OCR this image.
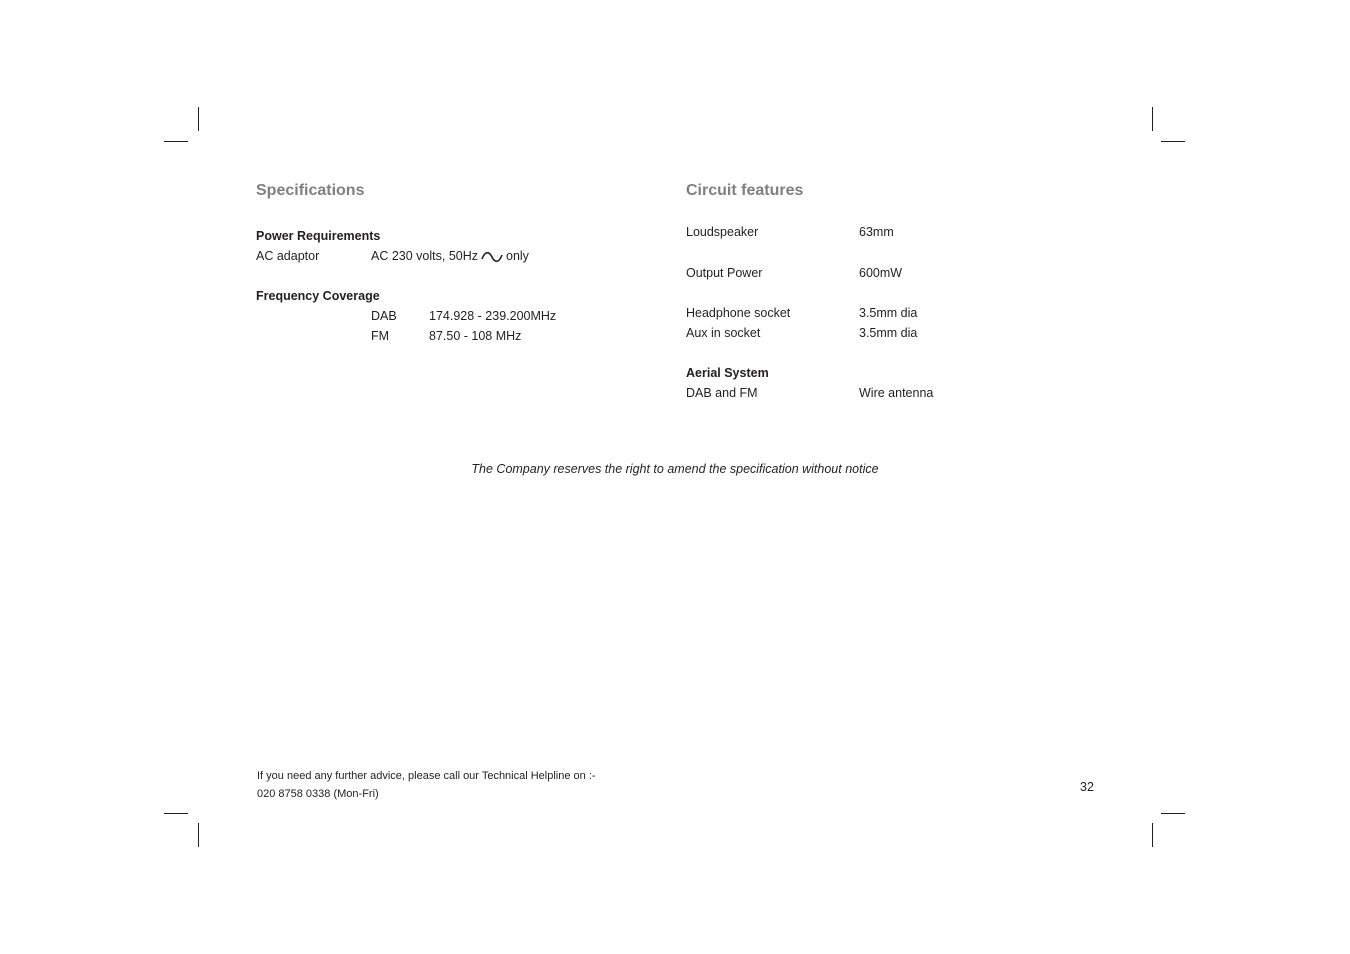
Specifications
Power Requirements
AC adaptor	AC 230 volts, 50Hz only
Frequency Coverage
DAB	174.928 - 239.200MHz
FM	87.50 - 108 MHz
Circuit features
Loudspeaker	63mm
Output Power	600mW
Headphone socket	3.5mm dia
Aux in socket	3.5mm dia
Aerial System
DAB and FM	Wire antenna
The Company reserves the right to amend the specification without notice
If you need any further advice, please call our Technical Helpline on :-
020 8758 0338 (Mon-Fri)	32
